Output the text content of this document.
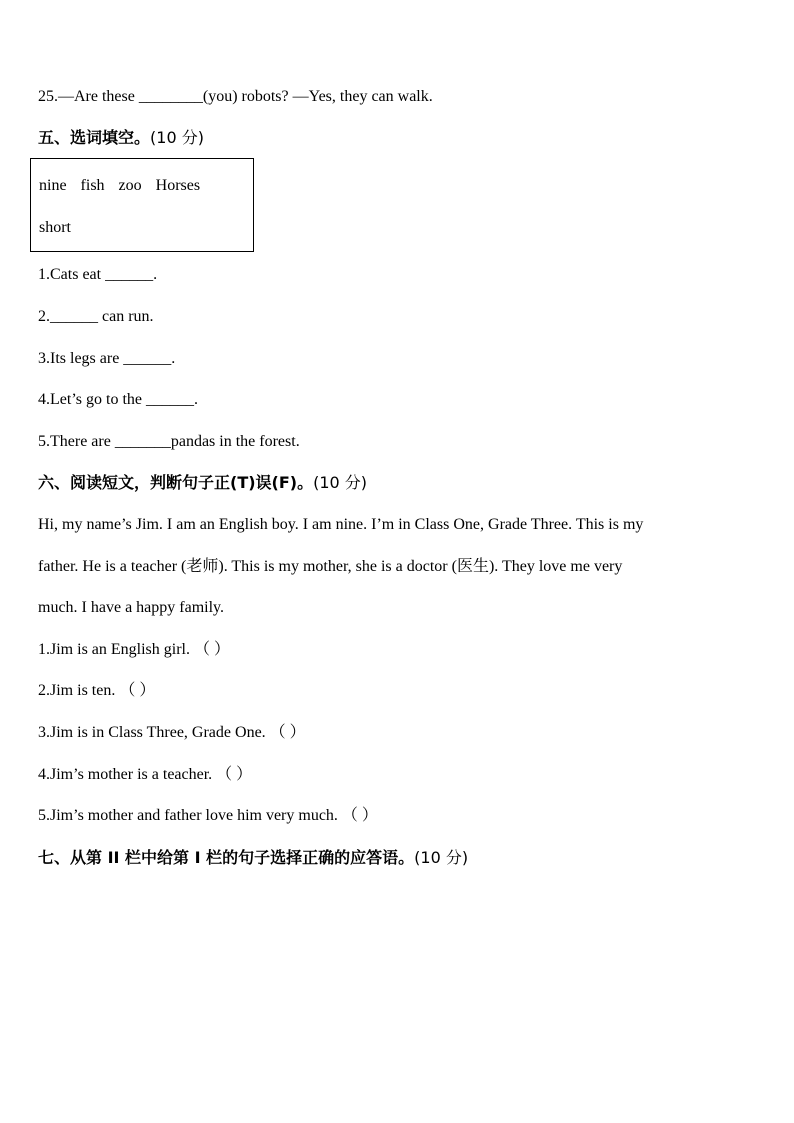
25.—Are these ________(you) robots? —Yes, they can walk.
五、选词填空。(10 分)
nine fish zoo Horses
short
1.Cats eat ______.
2.______ can run.
3.Its legs are ______.
4.Let’s go to the ______.
5.There are _______pandas in the forest.
六、阅读短文，判断句子正(T)误(F)。(10 分)
Hi, my name’s Jim. I am an English boy. I am nine. I’m in Class One, Grade Three. This is my
father. He is a teacher (老师). This is my mother, she is a doctor (医生). They love me very
much. I have a happy family.
1.Jim is an English girl. （ ）
2.Jim is ten. （ ）
3.Jim is in Class Three, Grade One. （ ）
4.Jim’s mother is a teacher. （ ）
5.Jim’s mother and father love him very much. （ ）
七、从第 II 栏中给第 I 栏的句子选择正确的应答语。(10 分)
